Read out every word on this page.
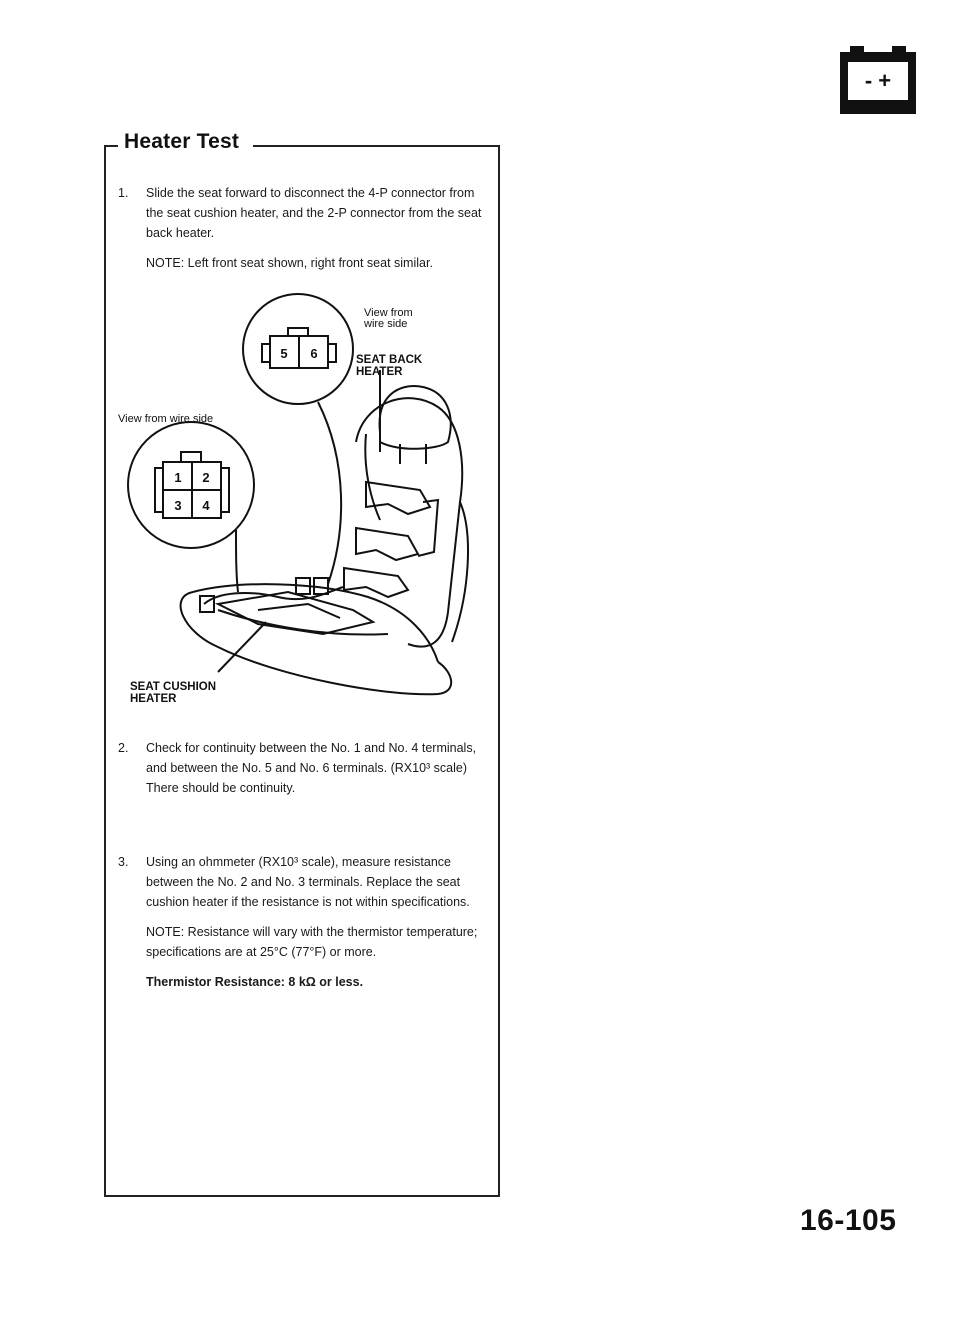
- +
Heater Test
1. Slide the seat forward to disconnect the 4-P connector from the seat cushion heater, and the 2-P connector from the seat back heater.

NOTE: Left front seat shown, right front seat similar.

5 6
1 2
3 4
View from
wire side
View from wire side
SEAT BACK
HEATER
SEAT CUSHION
HEATER
2. Check for continuity between the No. 1 and No. 4 terminals, and between the No. 5 and No. 6 terminals. (RX10³ scale)

There should be continuity.

3. Using an ohmmeter (RX10³ scale), measure resistance between the No. 2 and No. 3 terminals. Replace the seat cushion heater if the resistance is not within specifications.

NOTE: Resistance will vary with the thermistor temperature; specifications are at 25°C (77°F) or more.

Thermistor Resistance: 8 kΩ or less.

16-105
